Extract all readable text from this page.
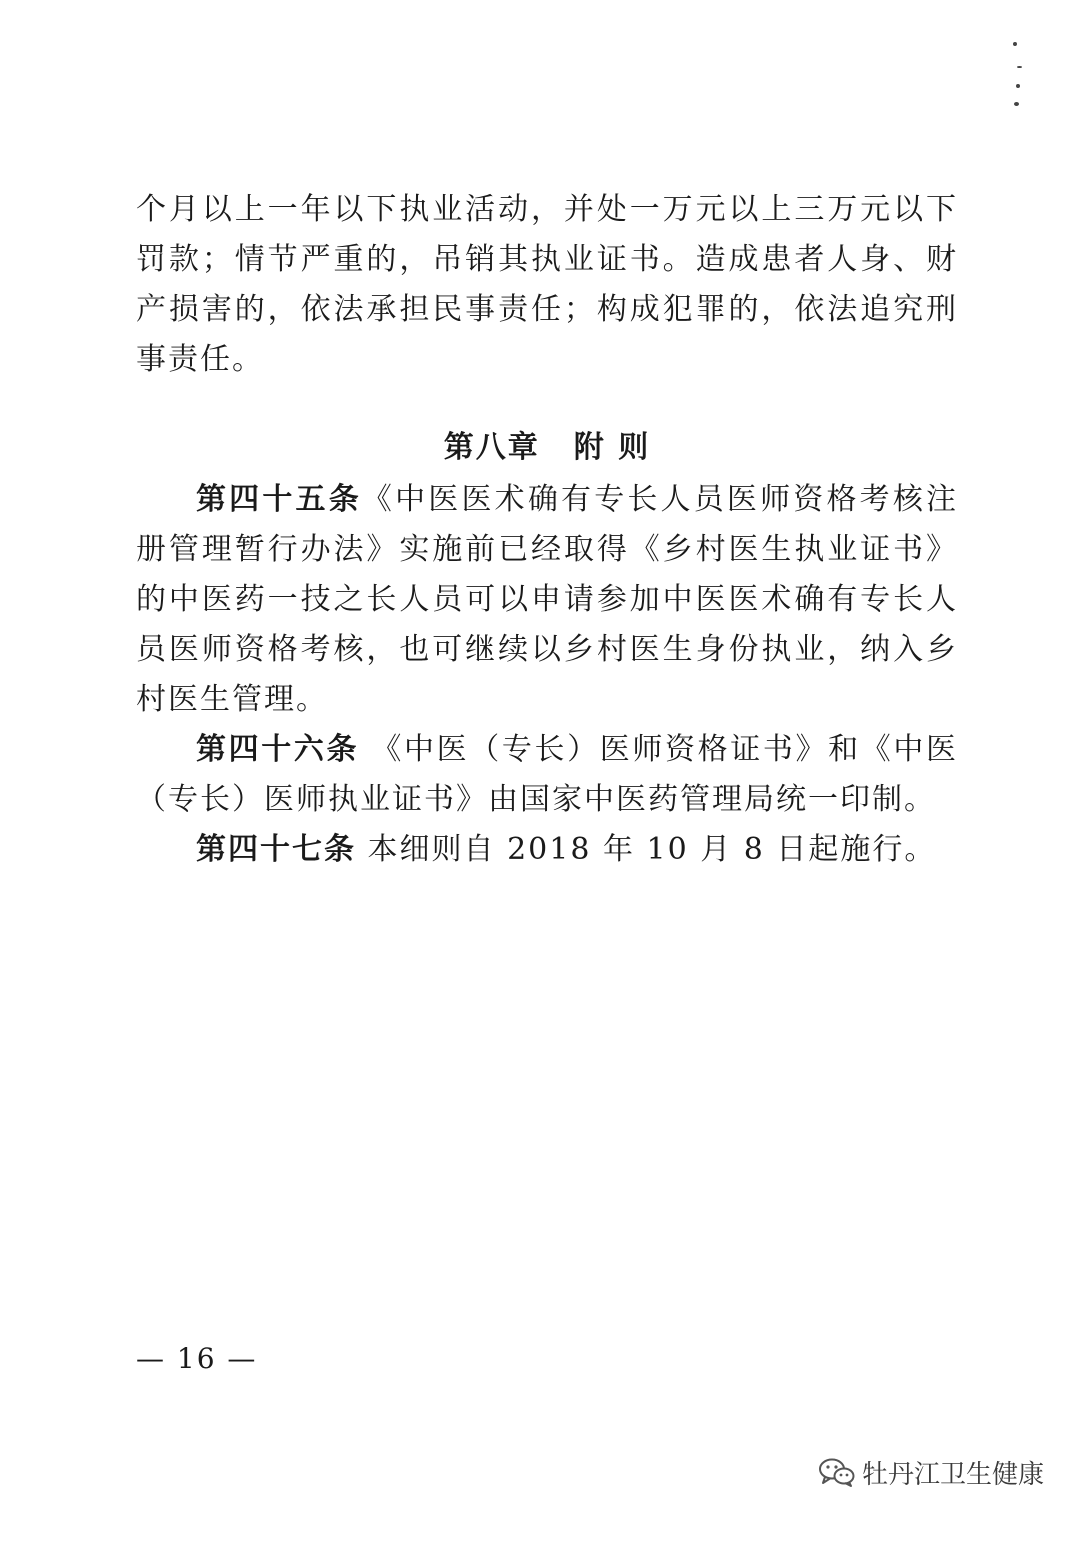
个月以上一年以下执业活动，并处一万元以上三万元以下罚款；情节严重的，吊销其执业证书。造成患者人身、财产损害的，依法承担民事责任；构成犯罪的，依法追究刑事责任。

第八章 附 则

第四十五条《中医医术确有专长人员医师资格考核注册管理暂行办法》实施前已经取得《乡村医生执业证书》的中医药一技之长人员可以申请参加中医医术确有专长人员医师资格考核，也可继续以乡村医生身份执业，纳入乡村医生管理。

第四十六条 《中医（专长）医师资格证书》和《中医（专长）医师执业证书》由国家中医药管理局统一印制。

第四十七条 本细则自 2018 年 10 月 8 日起施行。

— 16 —
牡丹江卫生健康
